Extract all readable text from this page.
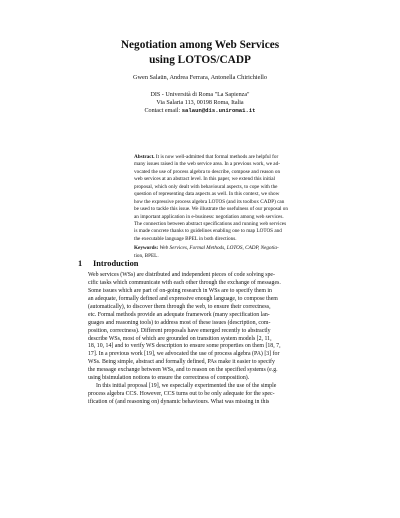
Negotiation among Web Services
using LOTOS/CADP
Gwen Salaün, Andrea Ferrara, Antonella Chirichiello
DIS - Università di Roma "La Sapienza"
Via Salaria 113, 00198 Roma, Italia
Contact email: salaun@dis.uniroma1.it
Abstract. It is now well-admitted that formal methods are helpful for
many issues raised in the web service area. In a previous work, we ad-
vocated the use of process algebra to describe, compose and reason on
web services at an abstract level. In this paper, we extend this initial
proposal, which only dealt with behavioural aspects, to cope with the
question of representing data aspects as well. In this context, we show
how the expressive process algebra LOTOS (and its toolbox CADP) can
be used to tackle this issue. We illustrate the usefulness of our proposal on
an important application in e-business: negotiation among web services.
The connection between abstract specifications and running web services
is made concrete thanks to guidelines enabling one to map LOTOS and
the executable language BPEL in both directions.
Keywords: Web Services, Formal Methods, LOTOS, CADP, Negotia-
tion, BPEL.
1 Introduction
Web services (WSs) are distributed and independent pieces of code solving spe-
cific tasks which communicate with each other through the exchange of messages.
Some issues which are part of on-going research in WSs are to specify them in
an adequate, formally defined and expressive enough language, to compose them
(automatically), to discover them through the web, to ensure their correctness,
etc. Formal methods provide an adequate framework (many specification lan-
guages and reasoning tools) to address most of these issues (description, com-
position, correctness). Different proposals have emerged recently to abstractly
describe WSs, most of which are grounded on transition system models [2, 11,
18, 10, 14] and to verify WS description to ensure some properties on them [18, 7,
17]. In a previous work [19], we advocated the use of process algebra (PA) [3] for
WSs. Being simple, abstract and formally defined, PAs make it easier to specify
the message exchange between WSs, and to reason on the specified systems (e.g.
using bisimulation notions to ensure the correctness of composition).
In this initial proposal [19], we especially experimented the use of the simple
process algebra CCS. However, CCS turns out to be only adequate for the spec-
ification of (and reasoning on) dynamic behaviours. What was missing in this
